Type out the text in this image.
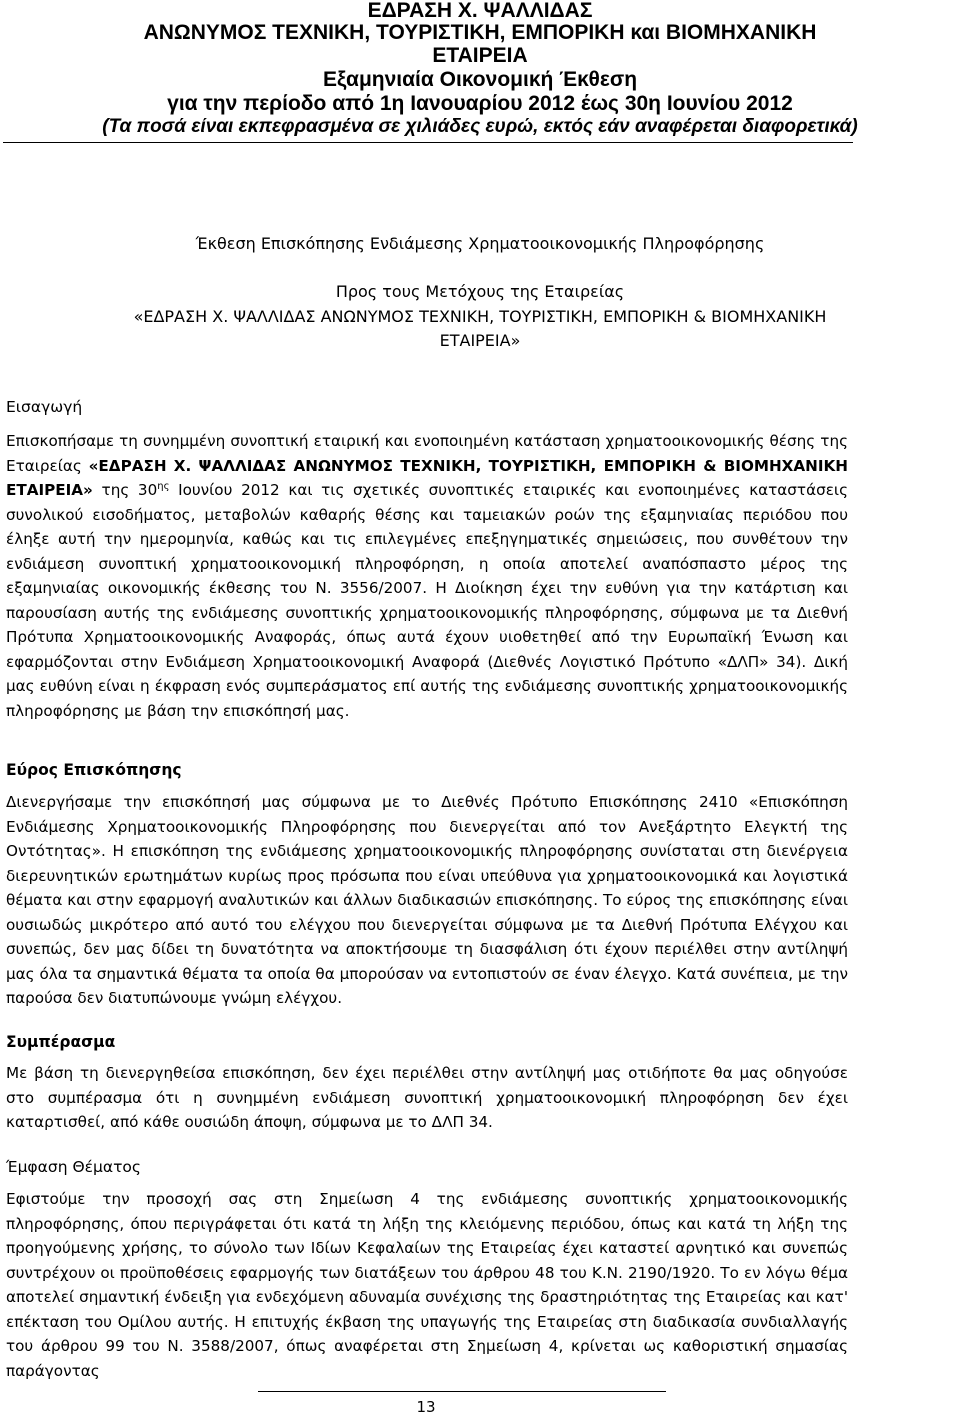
ΕΔΡΑΣΗ Χ. ΨΑΛΛΙΔΑΣ
ΑΝΩΝΥΜΟΣ ΤΕΧΝΙΚΗ, ΤΟΥΡΙΣΤΙΚΗ, ΕΜΠΟΡΙΚΗ και ΒΙΟΜΗΧΑΝΙΚΗ
ΕΤΑΙΡΕΙΑ
Εξαμηνιαία Οικονομική Έκθεση
για την περίοδο από 1η Ιανουαρίου 2012 έως 30η Ιουνίου 2012
(Τα ποσά είναι εκπεφρασμένα σε χιλιάδες ευρώ, εκτός εάν αναφέρεται διαφορετικά)
Έκθεση Επισκόπησης Ενδιάμεσης Χρηματοοικονομικής Πληροφόρησης
Προς τους Μετόχους της Εταιρείας
«ΕΔΡΑΣΗ Χ. ΨΑΛΛΙΔΑΣ ΑΝΩΝΥΜΟΣ ΤΕΧΝΙΚΗ, ΤΟΥΡΙΣΤΙΚΗ, ΕΜΠΟΡΙΚΗ & ΒΙΟΜΗΧΑΝΙΚΗ
ΕΤΑΙΡΕΙΑ»
Εισαγωγή
Επισκοπήσαμε τη συνημμένη συνοπτική εταιρική και ενοποιημένη κατάσταση χρηματοοικονομικής θέσης της Εταιρείας «ΕΔΡΑΣΗ Χ. ΨΑΛΛΙΔΑΣ ΑΝΩΝΥΜΟΣ ΤΕΧΝΙΚΗ, ΤΟΥΡΙΣΤΙΚΗ, ΕΜΠΟΡΙΚΗ & ΒΙΟΜΗΧΑΝΙΚΗ ΕΤΑΙΡΕΙΑ» της $30^{\eta\varsigma}$ Ιουνίου 2012 και τις σχετικές συνοπτικές εταιρικές και ενοποιημένες καταστάσεις συνολικού εισοδήματος, μεταβολών καθαρής θέσης και ταμειακών ροών της εξαμηνιαίας περιόδου που έληξε αυτή την ημερομηνία, καθώς και τις επιλεγμένες επεξηγηματικές σημειώσεις, που συνθέτουν την ενδιάμεση συνοπτική χρηματοοικονομική πληροφόρηση, η οποία αποτελεί αναπόσπαστο μέρος της εξαμηνιαίας οικονομικής έκθεσης του Ν. 3556/2007. Η Διοίκηση έχει την ευθύνη για την κατάρτιση και παρουσίαση αυτής της ενδιάμεσης συνοπτικής χρηματοοικονομικής πληροφόρησης, σύμφωνα με τα Διεθνή Πρότυπα Χρηματοοικονομικής Αναφοράς, όπως αυτά έχουν υιοθετηθεί από την Ευρωπαϊκή Ένωση και εφαρμόζονται στην Ενδιάμεση Χρηματοοικονομική Αναφορά (Διεθνές Λογιστικό Πρότυπο «ΔΛΠ» 34). Δική μας ευθύνη είναι η έκφραση ενός συμπεράσματος επί αυτής της ενδιάμεσης συνοπτικής χρηματοοικονομικής πληροφόρησης με βάση την επισκόπησή μας.
Εύρος Επισκόπησης
Διενεργήσαμε την επισκόπησή μας σύμφωνα με το Διεθνές Πρότυπο Επισκόπησης 2410 «Επισκόπηση Ενδιάμεσης Χρηματοοικονομικής Πληροφόρησης που διενεργείται από τον Ανεξάρτητο Ελεγκτή της Οντότητας». Η επισκόπηση της ενδιάμεσης χρηματοοικονομικής πληροφόρησης συνίσταται στη διενέργεια διερευνητικών ερωτημάτων κυρίως προς πρόσωπα που είναι υπεύθυνα για χρηματοοικονομικά και λογιστικά θέματα και στην εφαρμογή αναλυτικών και άλλων διαδικασιών επισκόπησης. Το εύρος της επισκόπησης είναι ουσιωδώς μικρότερο από αυτό του ελέγχου που διενεργείται σύμφωνα με τα Διεθνή Πρότυπα Ελέγχου και συνεπώς, δεν μας δίδει τη δυνατότητα να αποκτήσουμε τη διασφάλιση ότι έχουν περιέλθει στην αντίληψή μας όλα τα σημαντικά θέματα τα οποία θα μπορούσαν να εντοπιστούν σε έναν έλεγχο. Κατά συνέπεια, με την παρούσα δεν διατυπώνουμε γνώμη ελέγχου.
Συμπέρασμα
Με βάση τη διενεργηθείσα επισκόπηση, δεν έχει περιέλθει στην αντίληψή μας οτιδήποτε θα μας οδηγούσε στο συμπέρασμα ότι η συνημμένη ενδιάμεση συνοπτική χρηματοοικονομική πληροφόρηση δεν έχει καταρτισθεί, από κάθε ουσιώδη άποψη, σύμφωνα με το ΔΛΠ 34.
Έμφαση Θέματος
Εφιστούμε την προσοχή σας στη Σημείωση 4 της ενδιάμεσης συνοπτικής χρηματοοικονομικής πληροφόρησης, όπου περιγράφεται ότι κατά τη λήξη της κλειόμενης περιόδου, όπως και κατά τη λήξη της προηγούμενης χρήσης, το σύνολο των Ιδίων Κεφαλαίων της Εταιρείας έχει καταστεί αρνητικό και συνεπώς συντρέχουν οι προϋποθέσεις εφαρμογής των διατάξεων του άρθρου 48 του Κ.Ν. 2190/1920. Το εν λόγω θέμα αποτελεί σημαντική ένδειξη για ενδεχόμενη αδυναμία συνέχισης της δραστηριότητας της Εταιρείας και κατ' επέκταση του Ομίλου αυτής. Η επιτυχής έκβαση της υπαγωγής της Εταιρείας στη διαδικασία συνδιαλλαγής του άρθρου 99 του Ν. 3588/2007, όπως αναφέρεται στη Σημείωση 4, κρίνεται ως καθοριστική σημασίας παράγοντας
13
